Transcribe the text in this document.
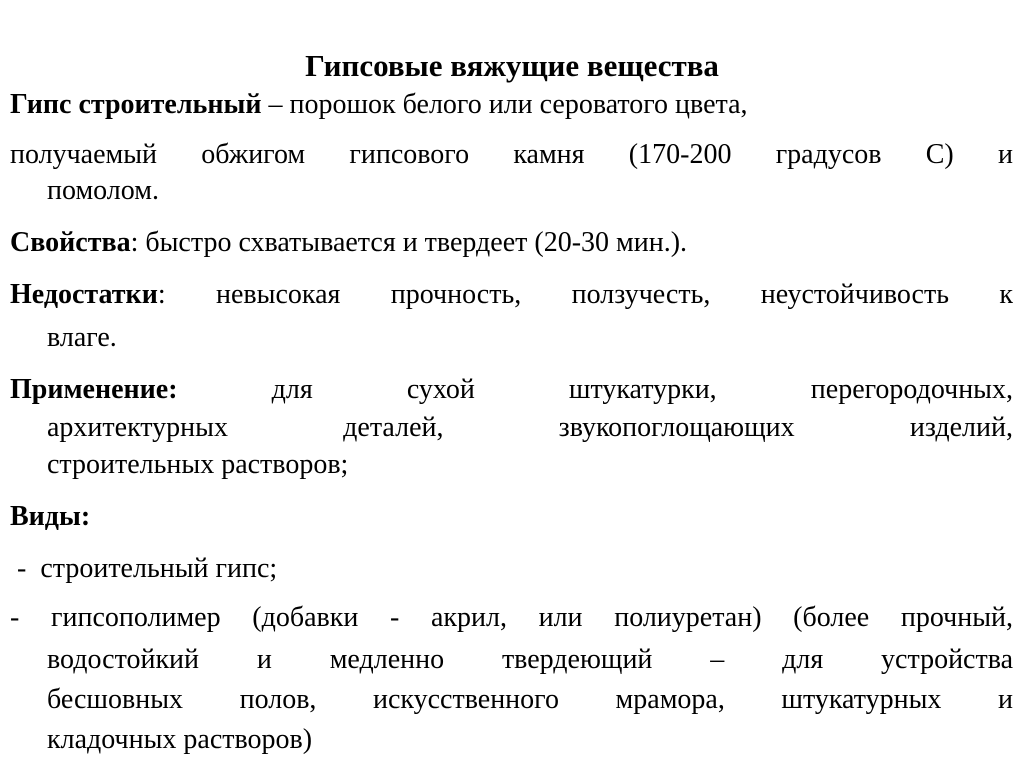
Гипсовые вяжущие вещества
Гипс строительный – порошок белого или сероватого цвета,
получаемый обжигом гипсового камня (170-200 градусов С) и
помолом.
Свойства: быстро схватывается и твердеет (20-30 мин.).
Недостатки: невысокая прочность, ползучесть, неустойчивость к
влаге.
Применение: для сухой штукатурки, перегородочных,
архитектурных деталей, звукопоглощающих изделий,
строительных растворов;
Виды:
-  строительный гипс;
- гипсополимер (добавки - акрил, или полиуретан) (более прочный,
водостойкий и медленно твердеющий – для устройства
бесшовных полов, искусственного мрамора, штукатурных и
кладочных растворов)
